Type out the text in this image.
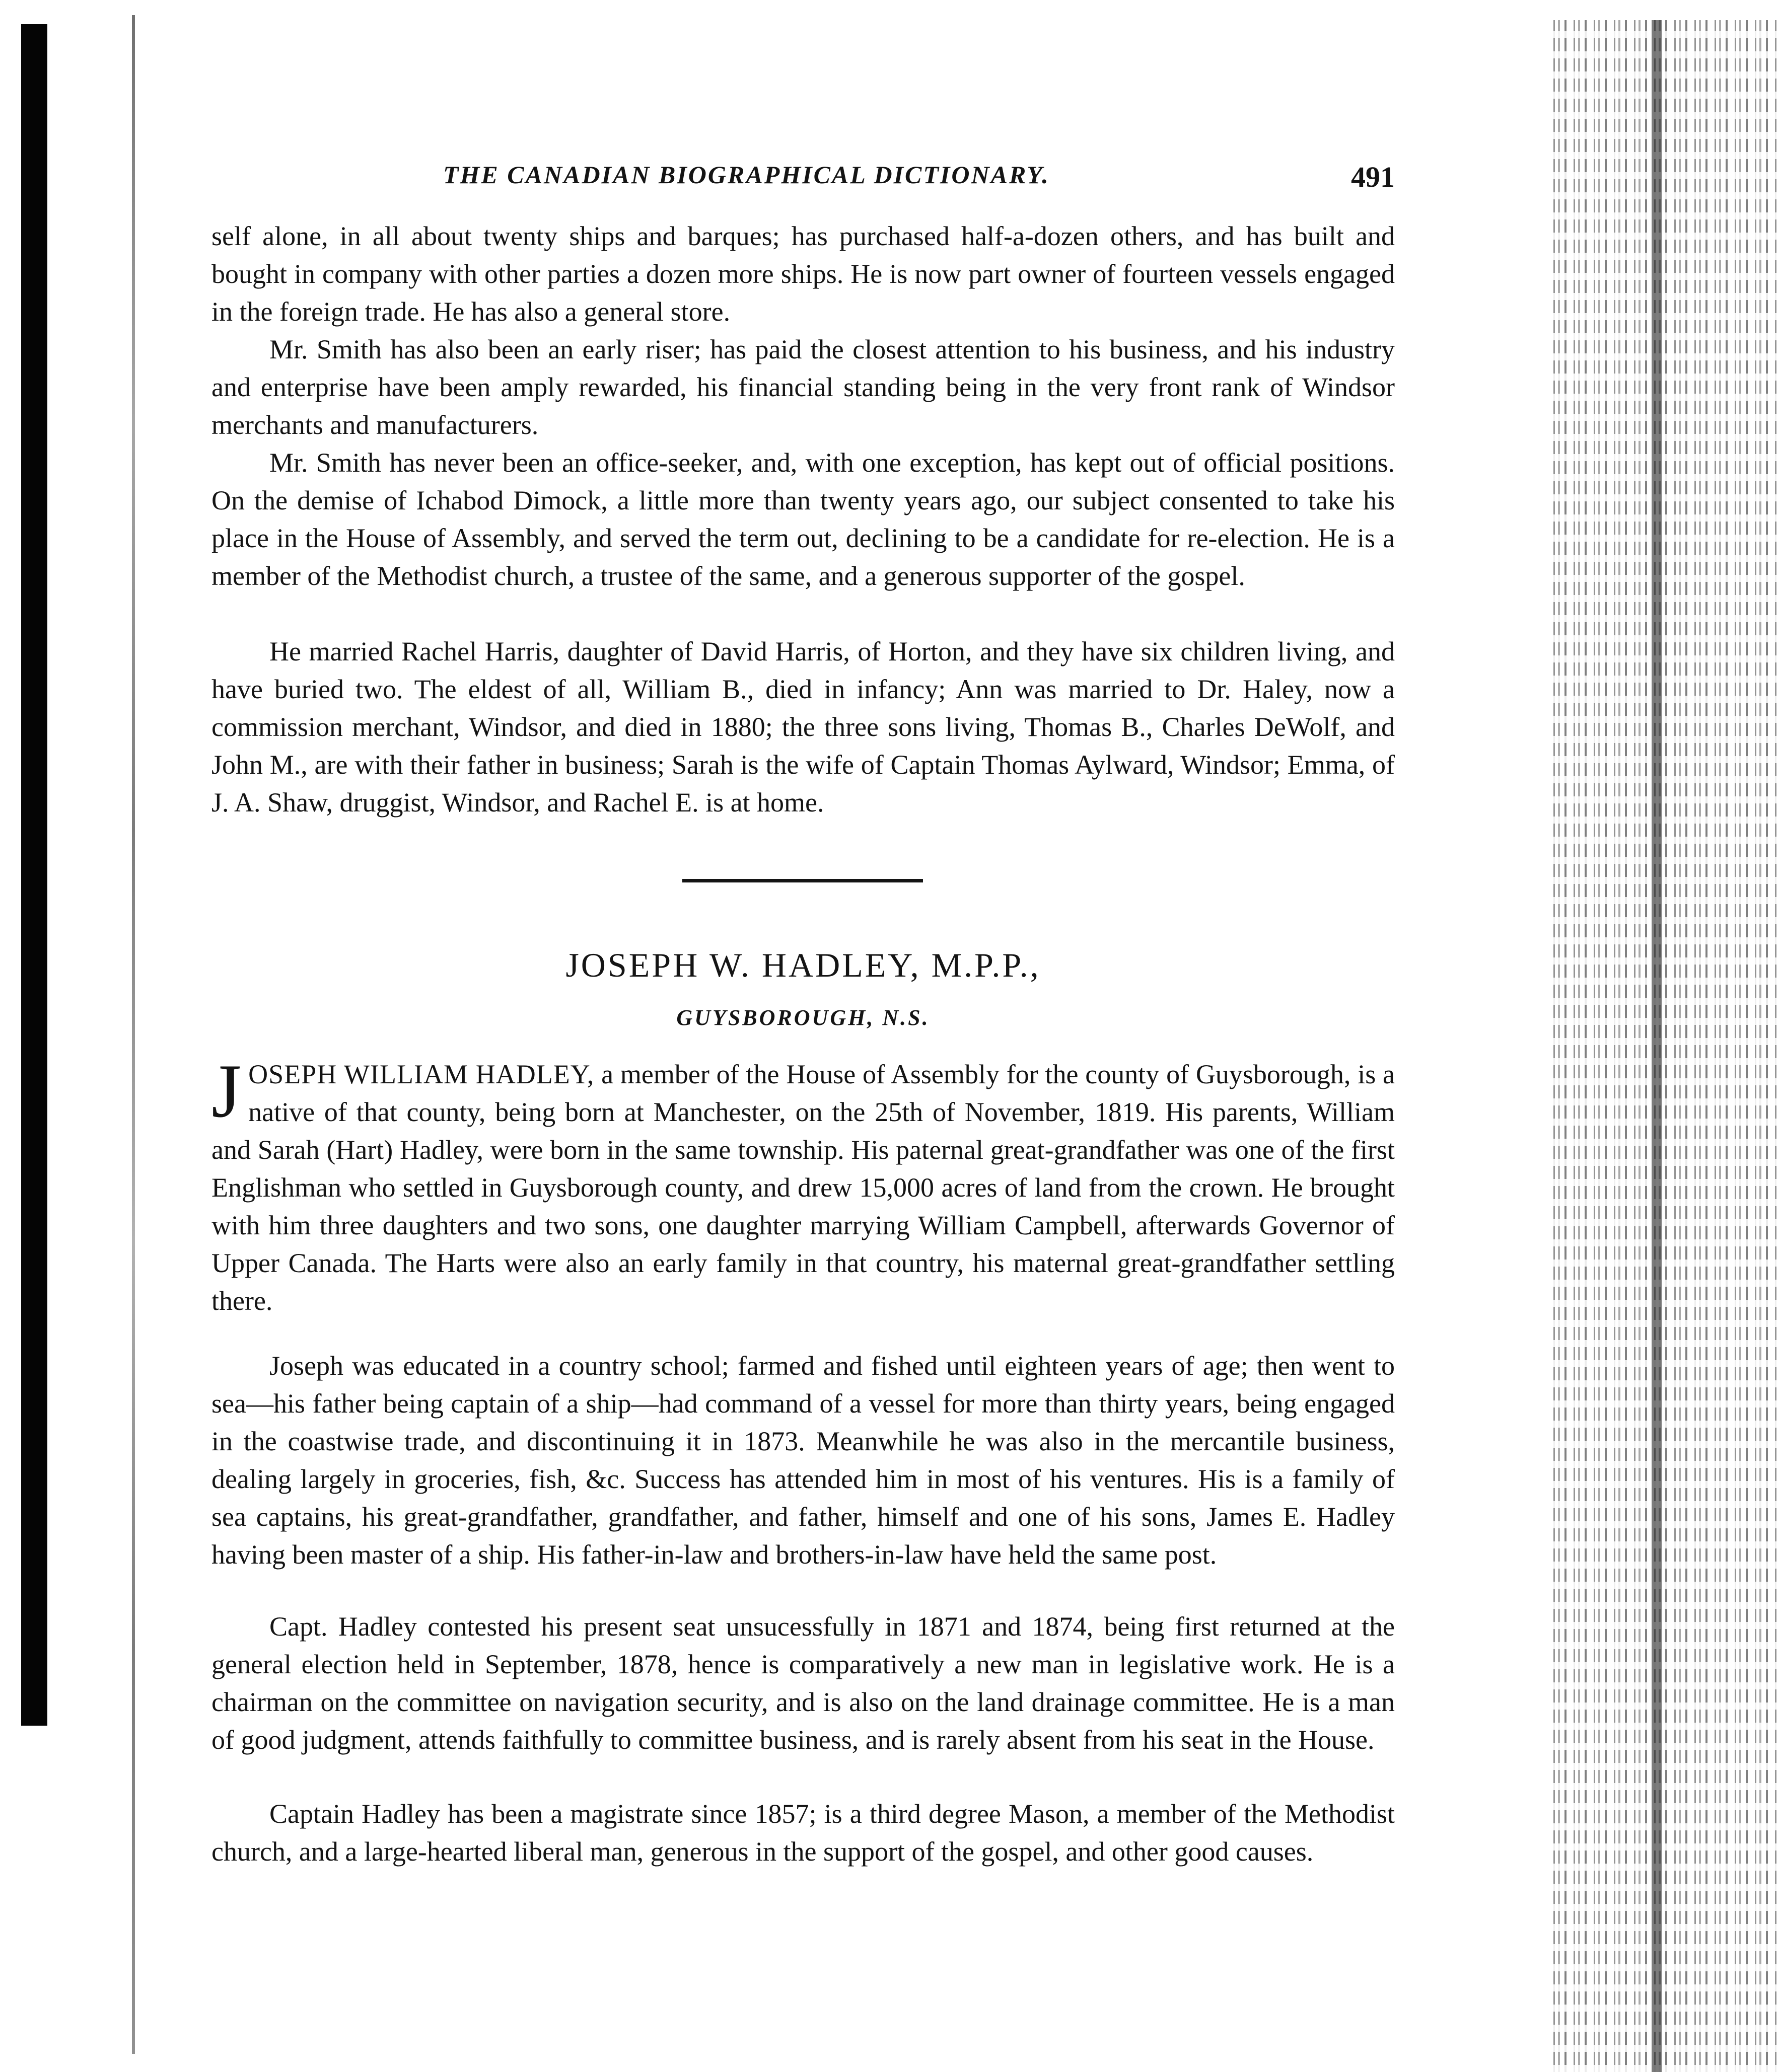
THE CANADIAN BIOGRAPHICAL DICTIONARY.	491

self alone, in all about twenty ships and barques; has purchased half-a-dozen others, and has built and bought in company with other parties a dozen more ships. He is now part owner of fourteen vessels engaged in the foreign trade. He has also a general store.

Mr. Smith has also been an early riser; has paid the closest attention to his business, and his industry and enterprise have been amply rewarded, his financial standing being in the very front rank of Windsor merchants and manufacturers.

Mr. Smith has never been an office-seeker, and, with one exception, has kept out of official positions. On the demise of Ichabod Dimock, a little more than twenty years ago, our subject consented to take his place in the House of Assembly, and served the term out, declining to be a candidate for re-election. He is a member of the Methodist church, a trustee of the same, and a generous supporter of the gospel.

He married Rachel Harris, daughter of David Harris, of Horton, and they have six children living, and have buried two. The eldest of all, William B., died in infancy; Ann was married to Dr. Haley, now a commission merchant, Windsor, and died in 1880; the three sons living, Thomas B., Charles DeWolf, and John M., are with their father in business; Sarah is the wife of Captain Thomas Aylward, Windsor; Emma, of J. A. Shaw, druggist, Windsor, and Rachel E. is at home.

JOSEPH W. HADLEY, M.P.P.,
GUYSBOROUGH, N.S.

JOSEPH WILLIAM HADLEY, a member of the House of Assembly for the county of Guysborough, is a native of that county, being born at Manchester, on the 25th of November, 1819. His parents, William and Sarah (Hart) Hadley, were born in the same township. His paternal great-grandfather was one of the first Englishman who settled in Guysborough county, and drew 15,000 acres of land from the crown. He brought with him three daughters and two sons, one daughter marrying William Campbell, afterwards Governor of Upper Canada. The Harts were also an early family in that country, his maternal great-grandfather settling there.

Joseph was educated in a country school; farmed and fished until eighteen years of age; then went to sea—his father being captain of a ship—had command of a vessel for more than thirty years, being engaged in the coastwise trade, and discontinuing it in 1873. Meanwhile he was also in the mercantile business, dealing largely in groceries, fish, &c. Success has attended him in most of his ventures. His is a family of sea captains, his great-grandfather, grandfather, and father, himself and one of his sons, James E. Hadley having been master of a ship. His father-in-law and brothers-in-law have held the same post.

Capt. Hadley contested his present seat unsucessfully in 1871 and 1874, being first returned at the general election held in September, 1878, hence is comparatively a new man in legislative work. He is a chairman on the committee on navigation security, and is also on the land drainage committee. He is a man of good judgment, attends faithfully to committee business, and is rarely absent from his seat in the House.

Captain Hadley has been a magistrate since 1857; is a third degree Mason, a member of the Methodist church, and a large-hearted liberal man, generous in the support of the gospel, and other good causes.
